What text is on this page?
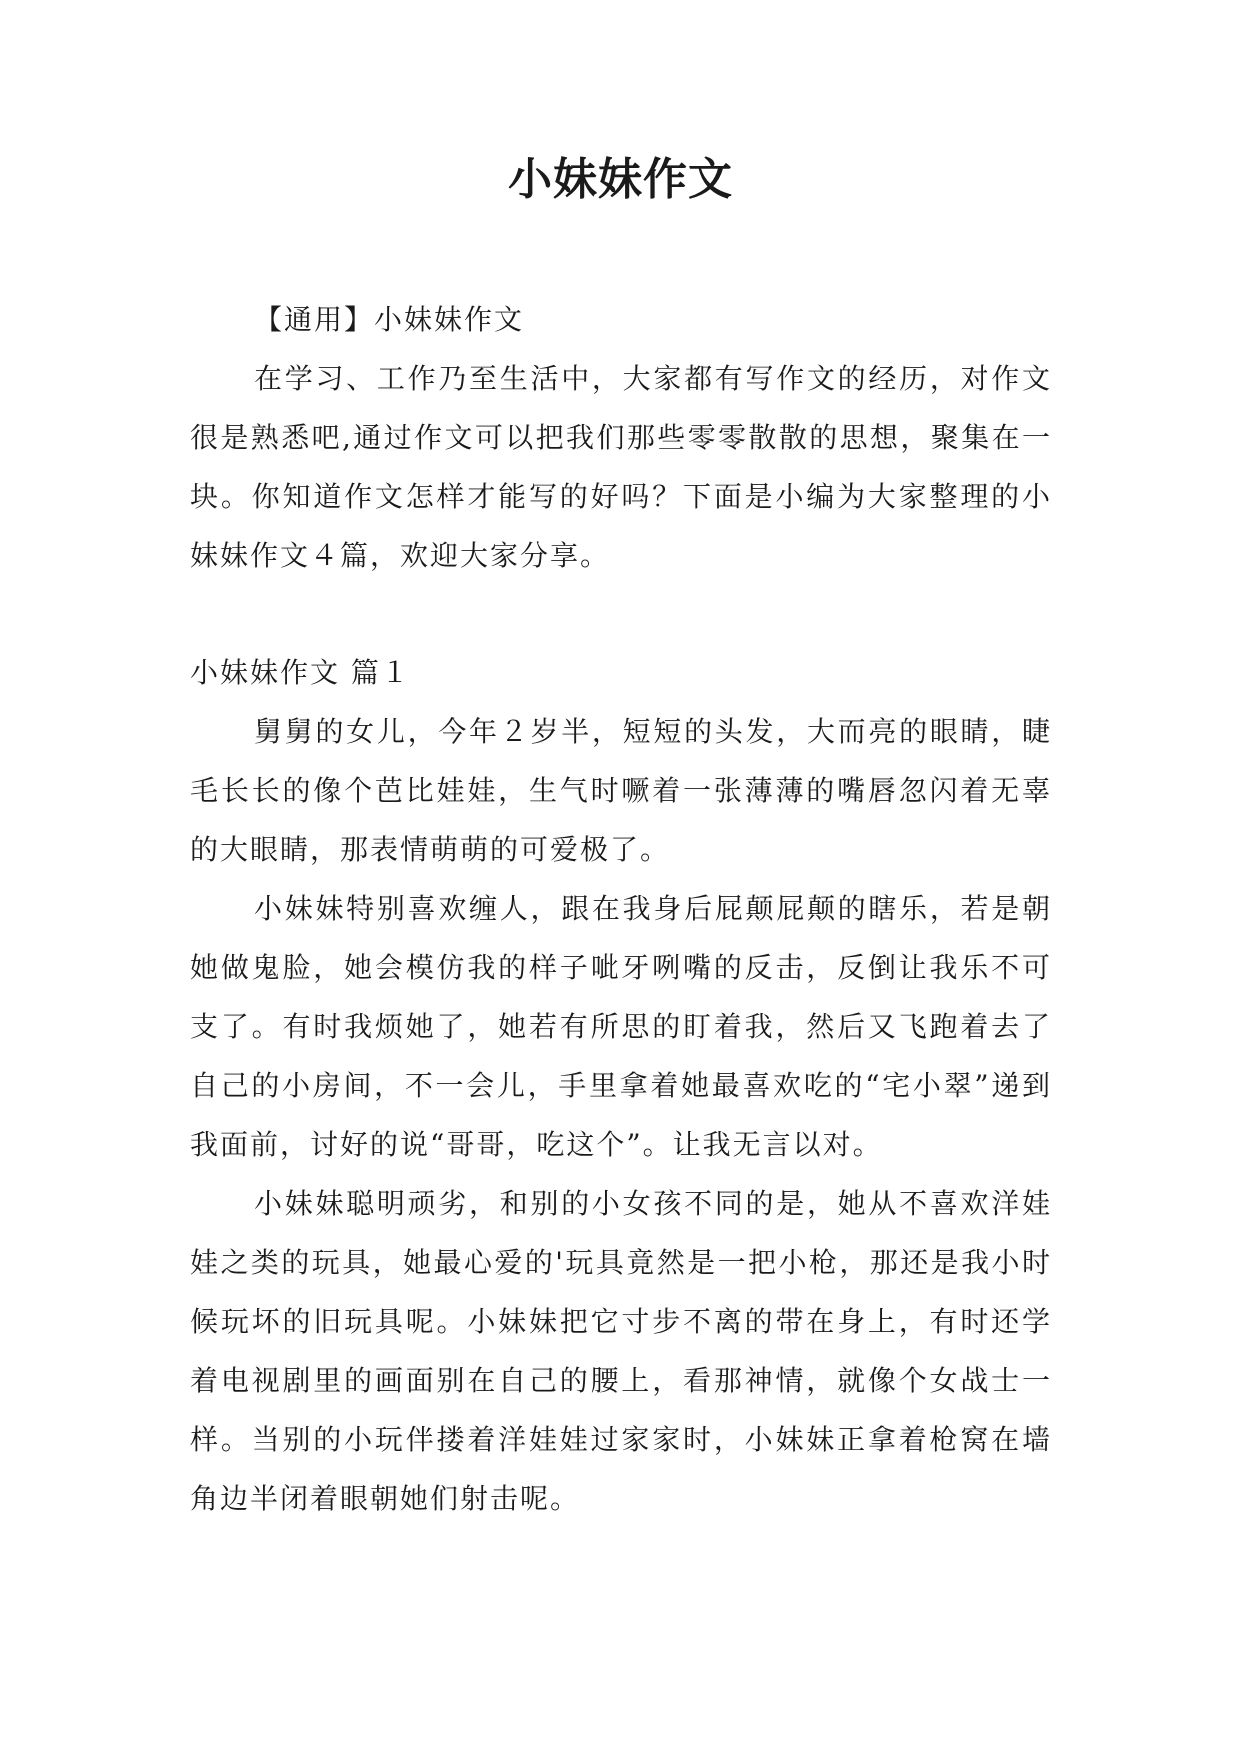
小妹妹作文

【通用】小妹妹作文

在学习、工作乃至生活中，大家都有写作文的经历，对作文很是熟悉吧,通过作文可以把我们那些零零散散的思想，聚集在一块。你知道作文怎样才能写的好吗？下面是小编为大家整理的小妹妹作文４篇，欢迎大家分享。

小妹妹作文 篇１

舅舅的女儿，今年２岁半，短短的头发，大而亮的眼睛，睫毛长长的像个芭比娃娃，生气时噘着一张薄薄的嘴唇忽闪着无辜的大眼睛，那表情萌萌的可爱极了。

小妹妹特别喜欢缠人，跟在我身后屁颠屁颠的瞎乐，若是朝她做鬼脸，她会模仿我的样子呲牙咧嘴的反击，反倒让我乐不可支了。有时我烦她了，她若有所思的盯着我，然后又飞跑着去了自己的小房间，不一会儿，手里拿着她最喜欢吃的“宅小翠”递到我面前，讨好的说“哥哥，吃这个”。让我无言以对。

小妹妹聪明顽劣，和别的小女孩不同的是，她从不喜欢洋娃娃之类的玩具，她最心爱的'玩具竟然是一把小枪，那还是我小时候玩坏的旧玩具呢。小妹妹把它寸步不离的带在身上，有时还学着电视剧里的画面别在自己的腰上，看那神情，就像个女战士一样。当别的小玩伴搂着洋娃娃过家家时，小妹妹正拿着枪窝在墙角边半闭着眼朝她们射击呢。
